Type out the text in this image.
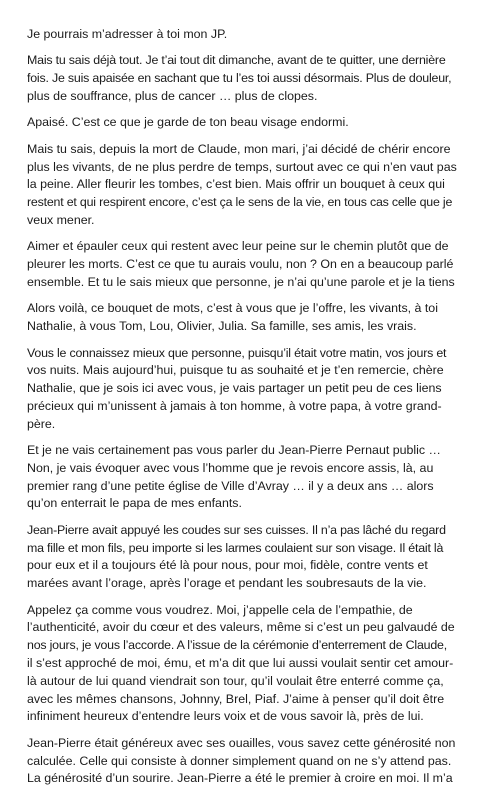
Je pourrais m’adresser à toi mon JP.

Mais tu sais déjà tout. Je t’ai tout dit dimanche, avant de te quitter, une dernière
fois. Je suis apaisée en sachant que tu l’es toi aussi désormais. Plus de douleur,
plus de souffrance, plus de cancer … plus de clopes.

Apaisé. C’est ce que je garde de ton beau visage endormi.

Mais tu sais, depuis la mort de Claude, mon mari, j’ai décidé de chérir encore
plus les vivants, de ne plus perdre de temps, surtout avec ce qui n’en vaut pas
la peine. Aller fleurir les tombes, c’est bien. Mais offrir un bouquet à ceux qui
restent et qui respirent encore, c’est ça le sens de la vie, en tous cas celle que je
veux mener.

Aimer et épauler ceux qui restent avec leur peine sur le chemin plutôt que de
pleurer les morts. C’est ce que tu aurais voulu, non ? On en a beaucoup parlé
ensemble. Et tu le sais mieux que personne, je n’ai qu’une parole et je la tiens

Alors voilà, ce bouquet de mots, c’est à vous que je l’offre, les vivants, à toi
Nathalie, à vous Tom, Lou, Olivier, Julia. Sa famille, ses amis, les vrais.

Vous le connaissez mieux que personne, puisqu’il était votre matin, vos jours et
vos nuits. Mais aujourd’hui, puisque tu as souhaité et je t’en remercie, chère
Nathalie, que je sois ici avec vous, je vais partager un petit peu de ces liens
précieux qui m’unissent à jamais à ton homme, à votre papa, à votre grand-
père.

Et je ne vais certainement pas vous parler du Jean-Pierre Pernaut public …
Non, je vais évoquer avec vous l’homme que je revois encore assis, là, au
premier rang d’une petite église de Ville d’Avray … il y a deux ans … alors
qu’on enterrait le papa de mes enfants.

Jean-Pierre avait appuyé les coudes sur ses cuisses. Il n’a pas lâché du regard
ma fille et mon fils, peu importe si les larmes coulaient sur son visage. Il était là
pour eux et il a toujours été là pour nous, pour moi, fidèle, contre vents et
marées avant l’orage, après l’orage et pendant les soubresauts de la vie.

Appelez ça comme vous voudrez. Moi, j’appelle cela de l’empathie, de
l’authenticité, avoir du cœur et des valeurs, même si c’est un peu galvaudé de
nos jours, je vous l’accorde. A l’issue de la cérémonie d’enterrement de Claude,
il s’est approché de moi, ému, et m’a dit que lui aussi voulait sentir cet amour-
là autour de lui quand viendrait son tour, qu’il voulait être enterré comme ça,
avec les mêmes chansons, Johnny, Brel, Piaf. J’aime à penser qu’il doit être
infiniment heureux d’entendre leurs voix et de vous savoir là, près de lui.

Jean-Pierre était généreux avec ses ouailles, vous savez cette générosité non
calculée. Celle qui consiste à donner simplement quand on ne s’y attend pas.
La générosité d’un sourire. Jean-Pierre a été le premier à croire en moi. Il m’a
